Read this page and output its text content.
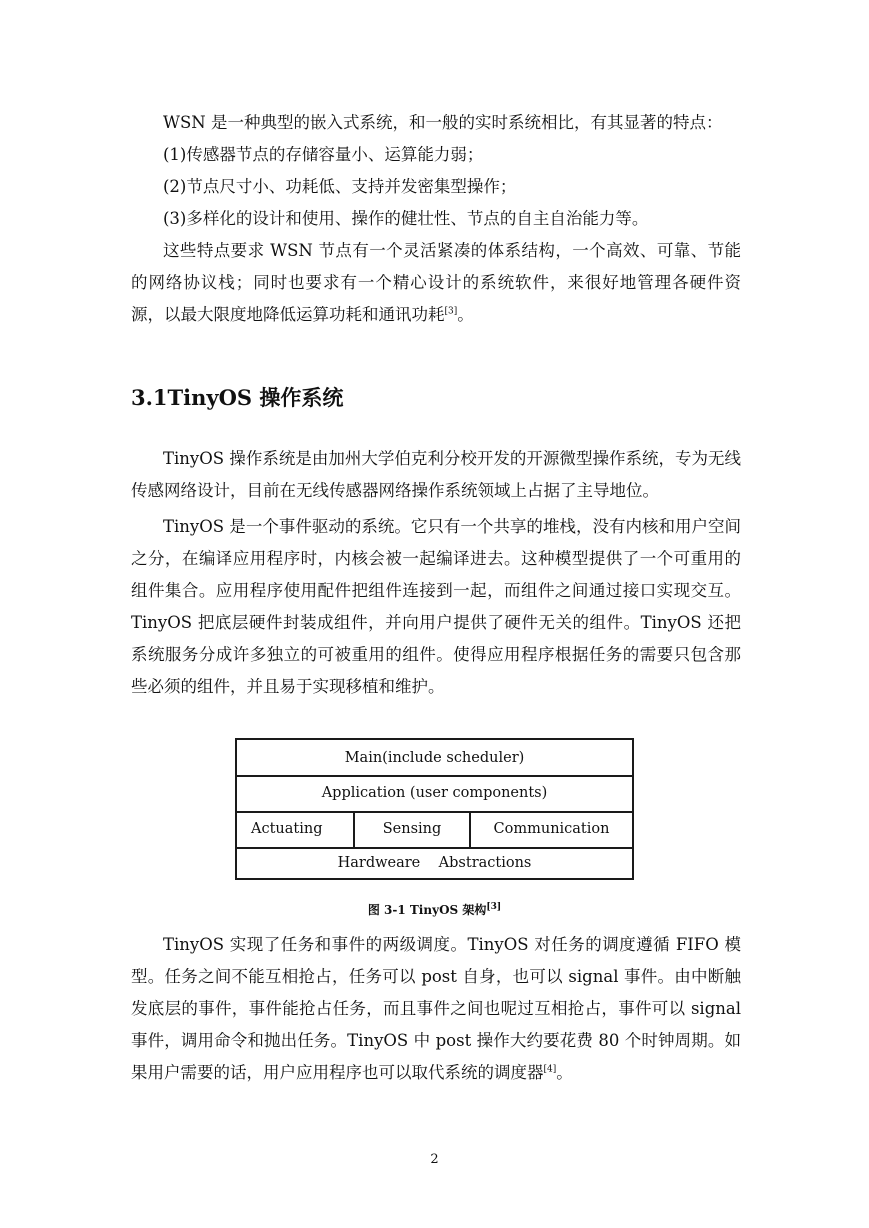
WSN 是一种典型的嵌入式系统，和一般的实时系统相比，有其显著的特点：

(1)传感器节点的存储容量小、运算能力弱；

(2)节点尺寸小、功耗低、支持并发密集型操作；

(3)多样化的设计和使用、操作的健壮性、节点的自主自治能力等。

这些特点要求 WSN 节点有一个灵活紧凑的体系结构，一个高效、可靠、节能的网络协议栈；同时也要求有一个精心设计的系统软件，来很好地管理各硬件资源，以最大限度地降低运算功耗和通讯功耗[3]。

3.1TinyOS 操作系统

TinyOS 操作系统是由加州大学伯克利分校开发的开源微型操作系统，专为无线传感网络设计，目前在无线传感器网络操作系统领域上占据了主导地位。

TinyOS 是一个事件驱动的系统。它只有一个共享的堆栈，没有内核和用户空间之分，在编译应用程序时，内核会被一起编译进去。这种模型提供了一个可重用的组件集合。应用程序使用配件把组件连接到一起，而组件之间通过接口实现交互。TinyOS 把底层硬件封装成组件，并向用户提供了硬件无关的组件。TinyOS 还把系统服务分成许多独立的可被重用的组件。使得应用程序根据任务的需要只包含那些必须的组件，并且易于实现移植和维护。

Main(include scheduler)
Application (user components)
Actuating	Sensing	Communication
Hardweare    Abstractions
图 3-1 TinyOS 架构[3]

TinyOS 实现了任务和事件的两级调度。TinyOS 对任务的调度遵循 FIFO 模型。任务之间不能互相抢占，任务可以 post 自身，也可以 signal 事件。由中断触发底层的事件，事件能抢占任务，而且事件之间也呢过互相抢占，事件可以 signal 事件，调用命令和抛出任务。TinyOS 中 post 操作大约要花费 80 个时钟周期。如果用户需要的话，用户应用程序也可以取代系统的调度器[4]。

2
